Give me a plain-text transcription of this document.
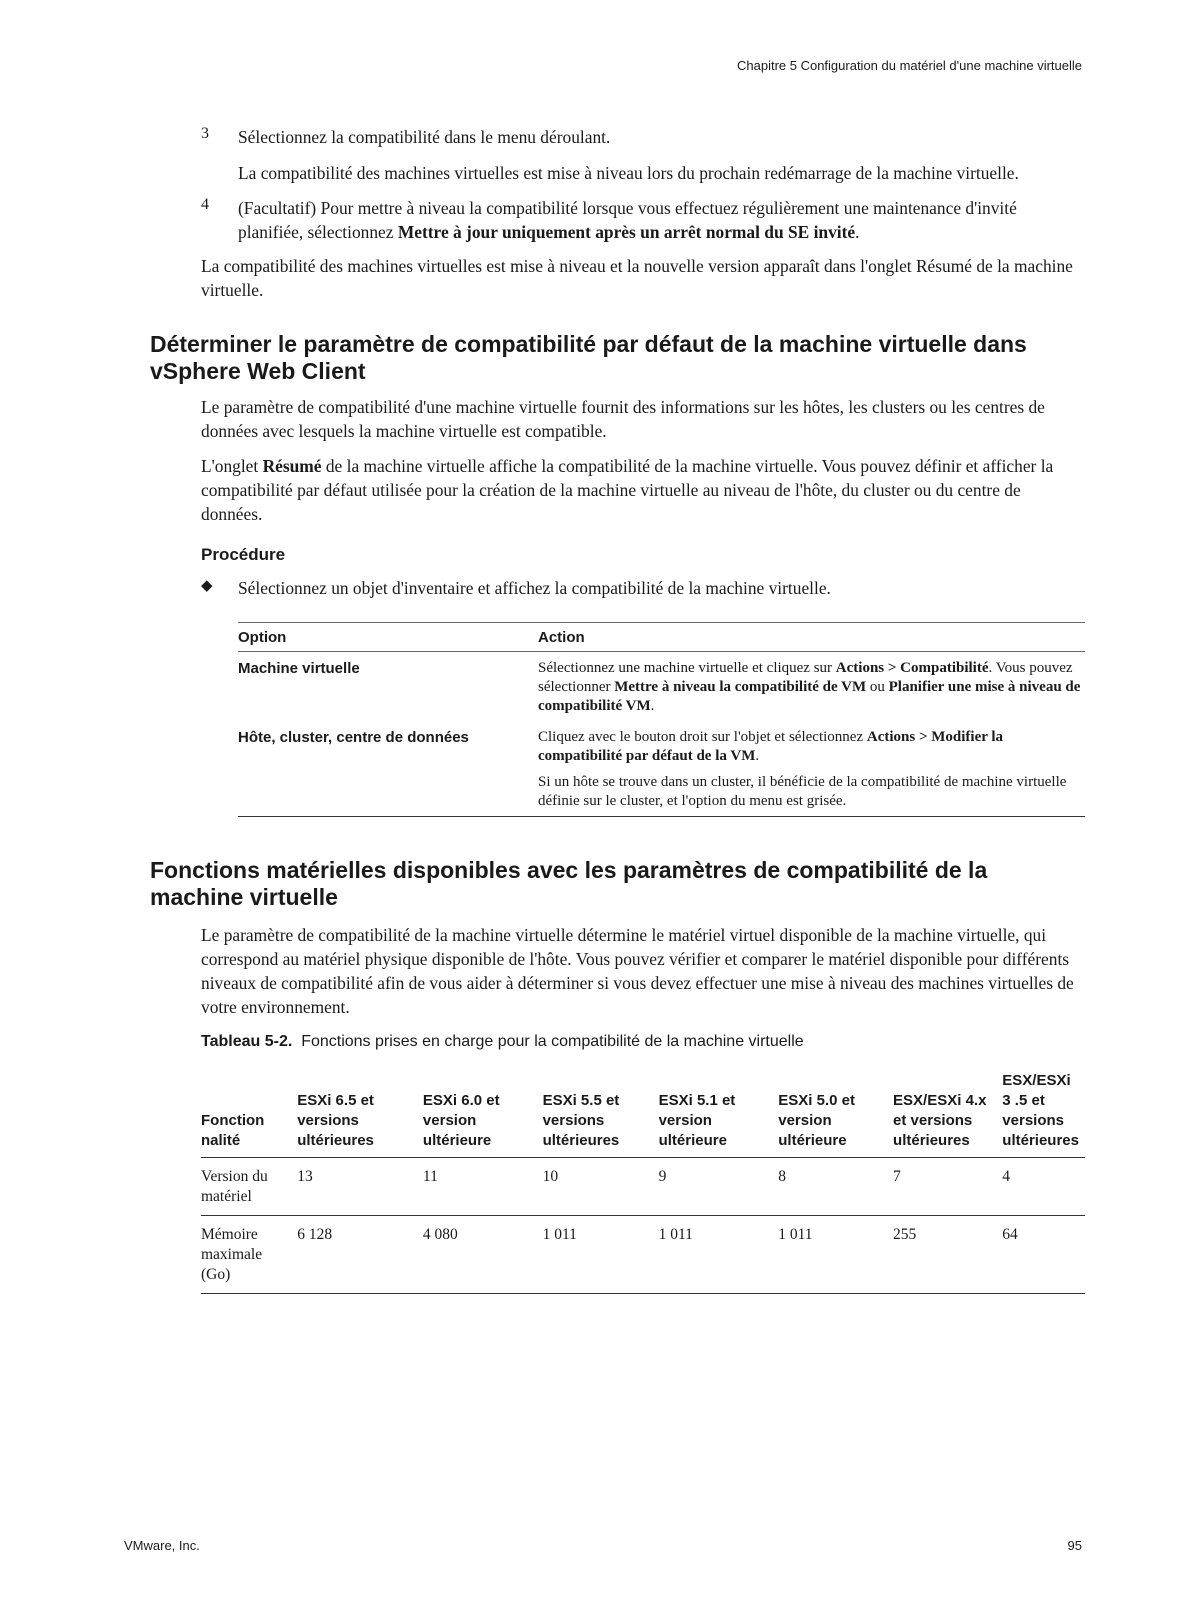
Chapitre 5 Configuration du matériel d'une machine virtuelle
3 Sélectionnez la compatibilité dans le menu déroulant.

La compatibilité des machines virtuelles est mise à niveau lors du prochain redémarrage de la machine virtuelle.

4 (Facultatif) Pour mettre à niveau la compatibilité lorsque vous effectuez régulièrement une maintenance d'invité planifiée, sélectionnez Mettre à jour uniquement après un arrêt normal du SE invité.

La compatibilité des machines virtuelles est mise à niveau et la nouvelle version apparaît dans l'onglet Résumé de la machine virtuelle.

Déterminer le paramètre de compatibilité par défaut de la machine virtuelle dans vSphere Web Client

Le paramètre de compatibilité d'une machine virtuelle fournit des informations sur les hôtes, les clusters ou les centres de données avec lesquels la machine virtuelle est compatible.

L'onglet Résumé de la machine virtuelle affiche la compatibilité de la machine virtuelle. Vous pouvez définir et afficher la compatibilité par défaut utilisée pour la création de la machine virtuelle au niveau de l'hôte, du cluster ou du centre de données.

Procédure
◆ Sélectionnez un objet d'inventaire et affichez la compatibilité de la machine virtuelle.

Option	Action
Machine virtuelle	Sélectionnez une machine virtuelle et cliquez sur Actions > Compatibilité. Vous pouvez sélectionner Mettre à niveau la compatibilité de VM ou Planifier une mise à niveau de compatibilité VM.

Hôte, cluster, centre de données	Cliquez avec le bouton droit sur l'objet et sélectionnez Actions > Modifier la compatibilité par défaut de la VM.

Si un hôte se trouve dans un cluster, il bénéficie de la compatibilité de machine virtuelle définie sur le cluster, et l'option du menu est grisée.

Fonctions matérielles disponibles avec les paramètres de compatibilité de la machine virtuelle

Le paramètre de compatibilité de la machine virtuelle détermine le matériel virtuel disponible de la machine virtuelle, qui correspond au matériel physique disponible de l'hôte. Vous pouvez vérifier et comparer le matériel disponible pour différents niveaux de compatibilité afin de vous aider à déterminer si vous devez effectuer une mise à niveau des machines virtuelles de votre environnement.

Tableau 5-2. Fonctions prises en charge pour la compatibilité de la machine virtuelle
Fonction nalité	ESXi 6.5 et versions ultérieures	ESXi 6.0 et version ultérieure	ESXi 5.5 et versions ultérieures	ESXi 5.1 et version ultérieure	ESXi 5.0 et version ultérieure	ESX/ESXi 4.x et versions ultérieures	ESX/ESXi 3 .5 et versions ultérieures
Version du matériel	13	11	10	9	8	7	4
Mémoire maximale (Go)	6 128	4 080	1 011	1 011	1 011	255	64
VMware, Inc.	95
